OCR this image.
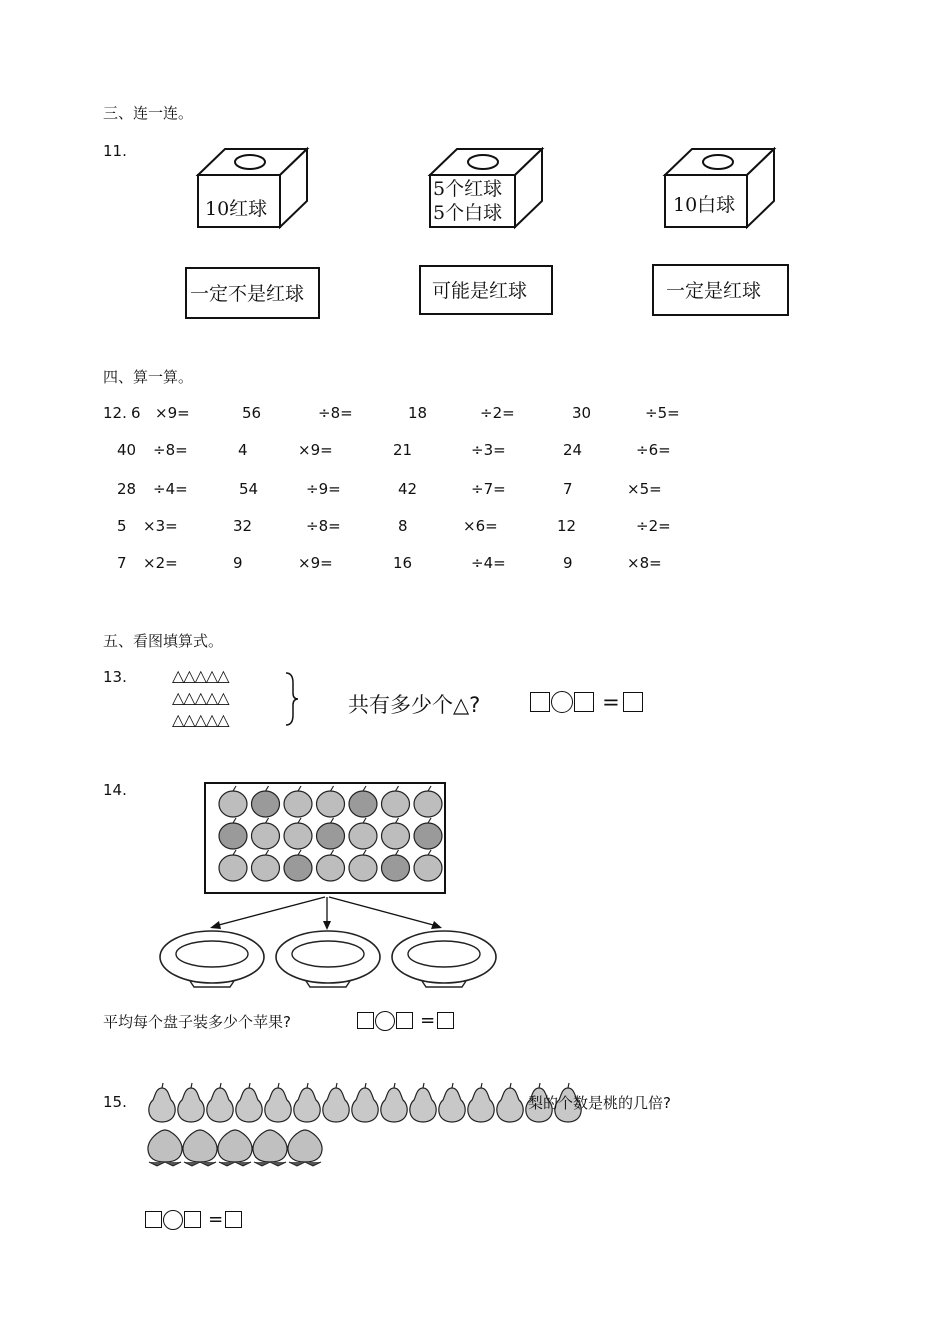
三、连一连。
11.
10红球
5个红球
5个白球	10白球
一定不是红球	可能是红球	一定是红球
四、算一算。
12. 6 ×9=	56	÷8=	18	÷2=	30	÷5=
40 ÷8=	4	×9=	21	÷3=	24	÷6=
28 ÷4=	54	÷9=	42	÷7=	7	×5=
5 ×3=	32	÷8=	8	×6=	12	÷2=
7 ×2=	9	×9=	16	÷4=	9	×8=
五、看图填算式。
13.	△△△△△
△△△△△
△△△△△
共有多少个△?	=
14.
平均每个盘子装多少个苹果?	=
15.	梨的个数是桃的几倍?
=
